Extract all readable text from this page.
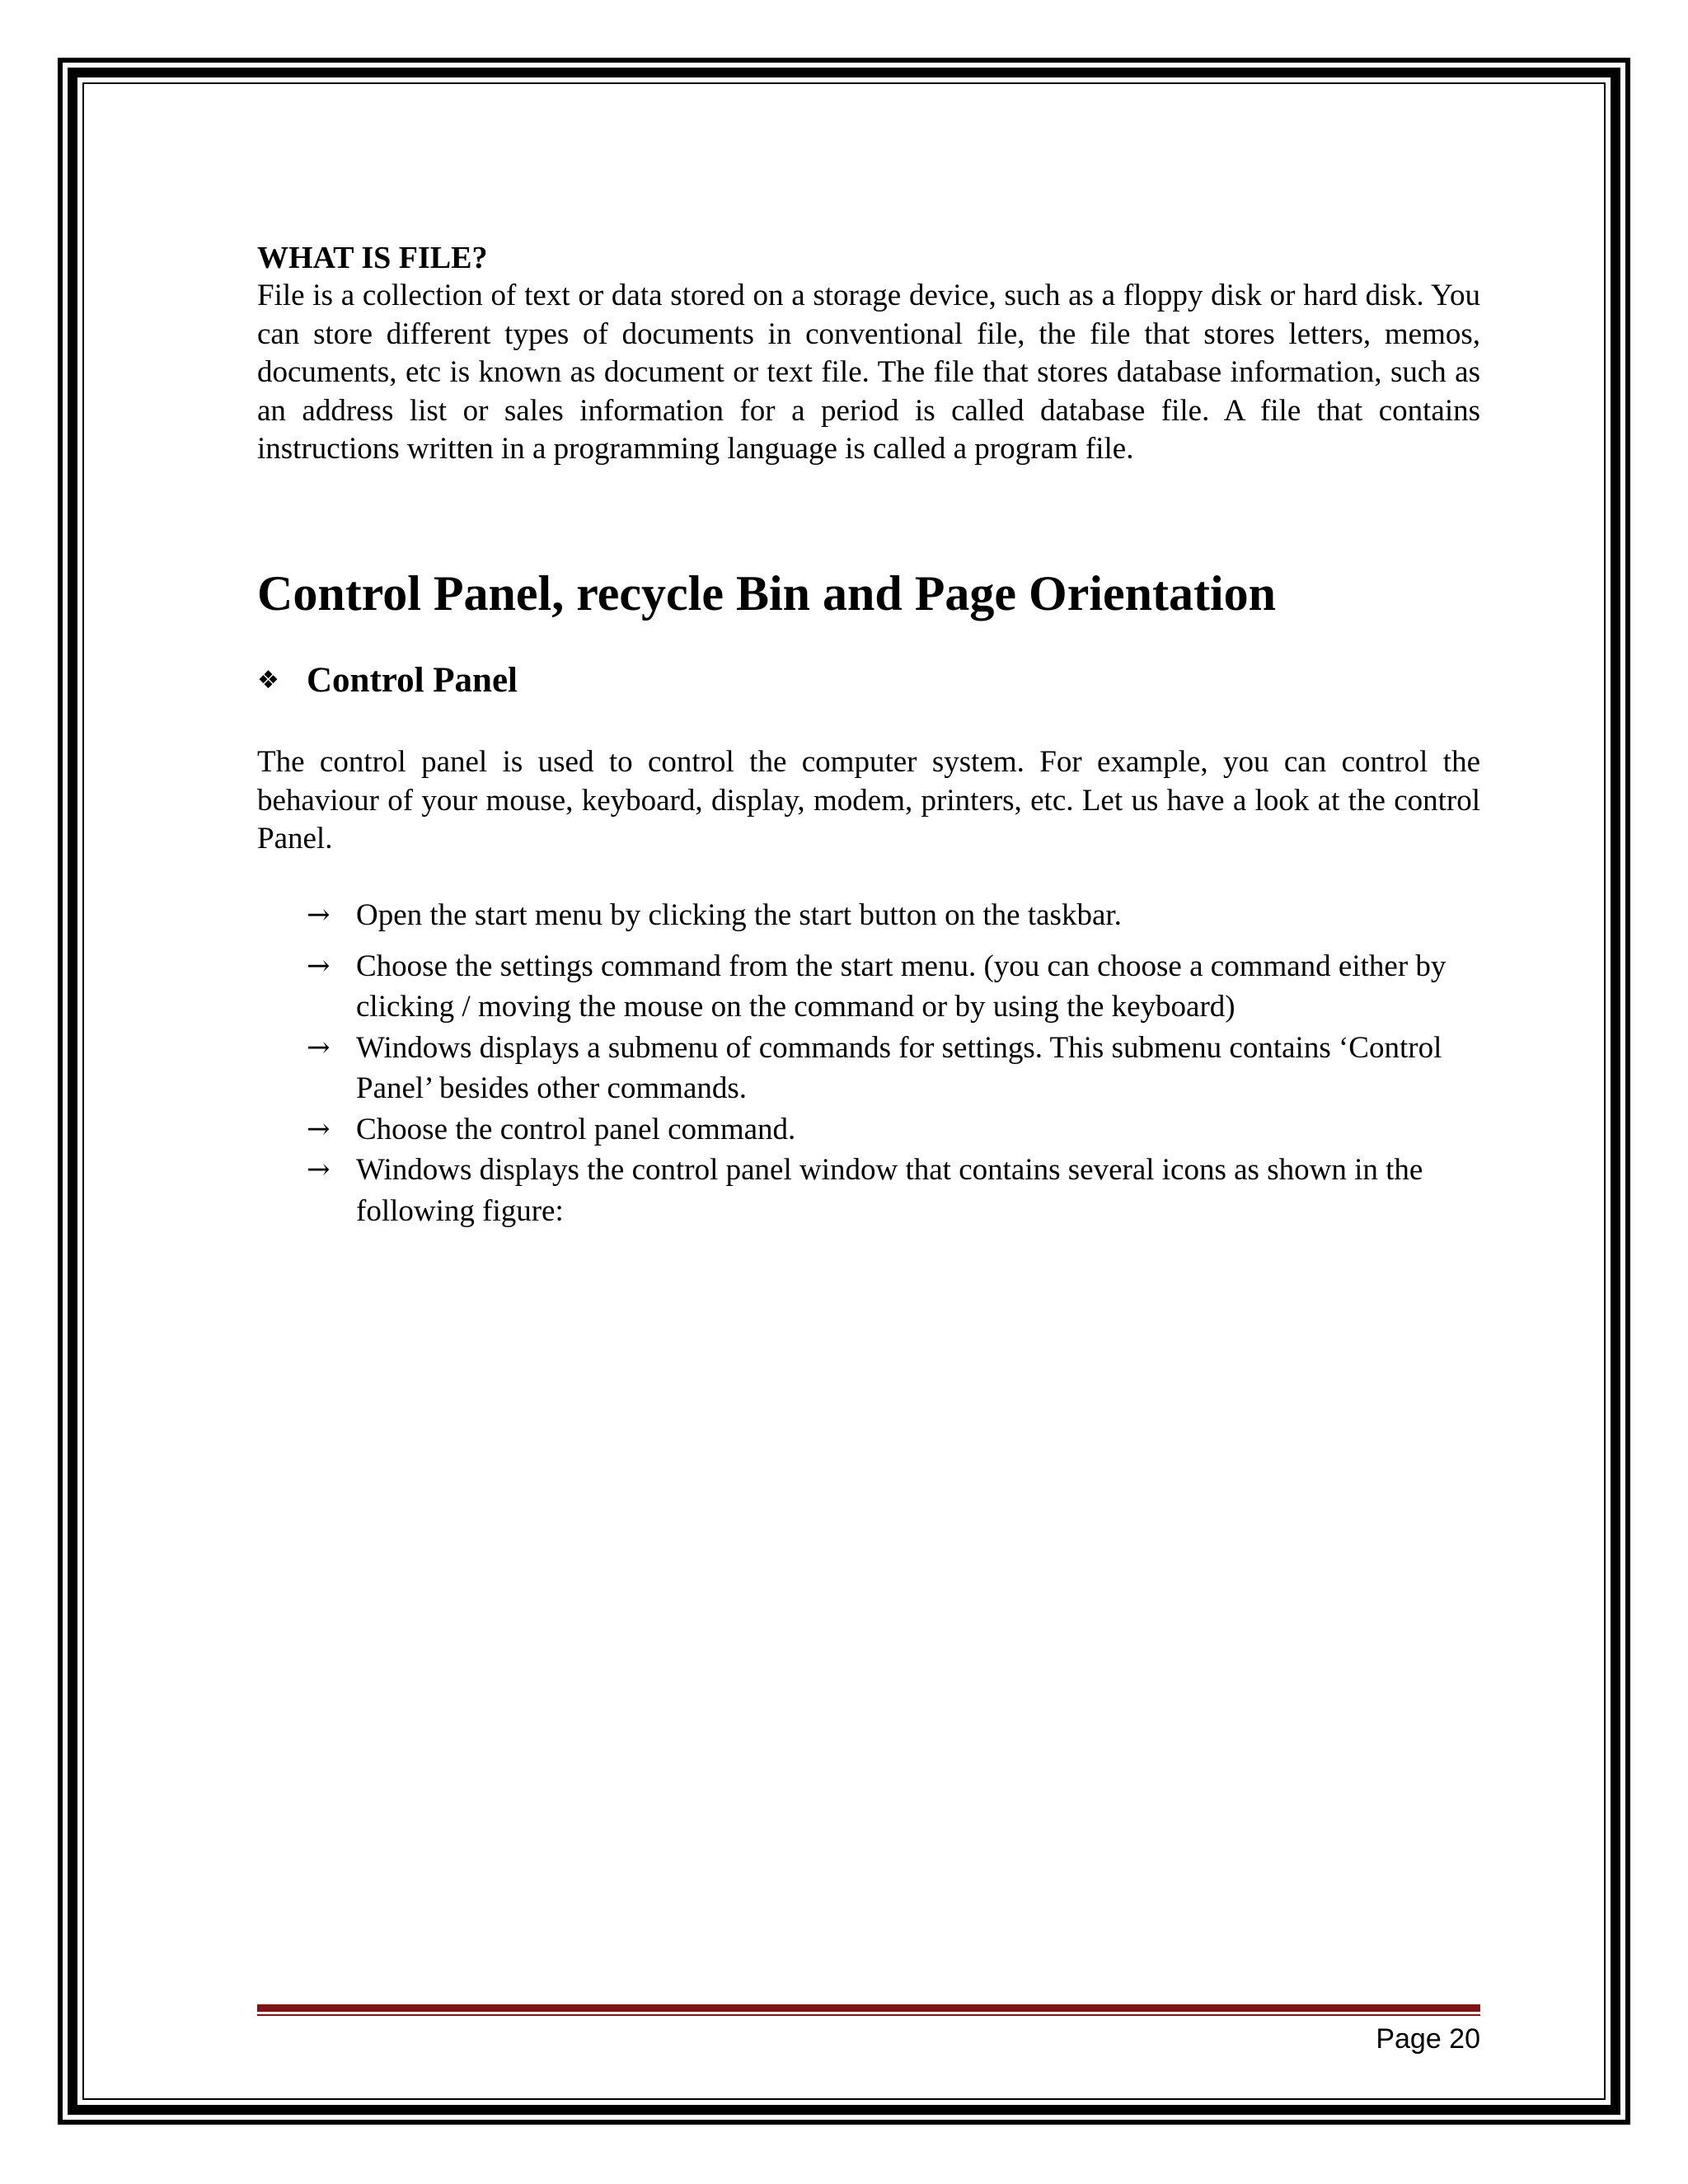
WHAT IS FILE?

File is a collection of text or data stored on a storage device, such as a floppy disk or hard disk. You can store different types of documents in conventional file, the file that stores letters, memos, documents, etc is known as document or text file. The file that stores database information, such as an address list or sales information for a period is called database file. A file that contains instructions written in a programming language is called a program file.

Control Panel, recycle Bin and Page Orientation
❖ Control Panel

The control panel is used to control the computer system. For example, you can control the behaviour of your mouse, keyboard, display, modem, printers, etc. Let us have a look at the control Panel.

→ Open the start menu by clicking the start button on the taskbar.
→ Choose the settings command from the start menu. (you can choose a command either by clicking / moving the mouse on the command or by using the keyboard)
→ Windows displays a submenu of commands for settings. This submenu contains ‘Control Panel’ besides other commands.
→ Choose the control panel command.
→ Windows displays the control panel window that contains several icons as shown in the following figure:
Page 20
